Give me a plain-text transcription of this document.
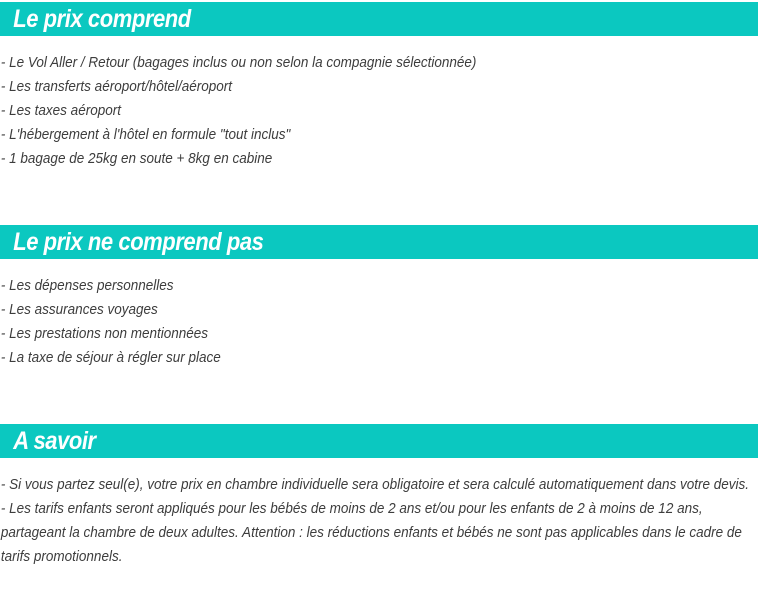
Le prix comprend
- Le Vol Aller / Retour (bagages inclus ou non selon la compagnie sélectionnée)
- Les transferts aéroport/hôtel/aéroport
- Les taxes aéroport
- L'hébergement à l'hôtel en formule "tout inclus"
- 1 bagage de 25kg en soute + 8kg en cabine
Le prix ne comprend pas
- Les dépenses personnelles
- Les assurances voyages
- Les prestations non mentionnées
- La taxe de séjour à régler sur place
A savoir
- Si vous partez seul(e), votre prix en chambre individuelle sera obligatoire et sera calculé automatiquement dans votre devis.
- Les tarifs enfants seront appliqués pour les bébés de moins de 2 ans et/ou pour les enfants de 2 à moins de 12 ans, partageant la chambre de deux adultes. Attention : les réductions enfants et bébés ne sont pas applicables dans le cadre de tarifs promotionnels.
